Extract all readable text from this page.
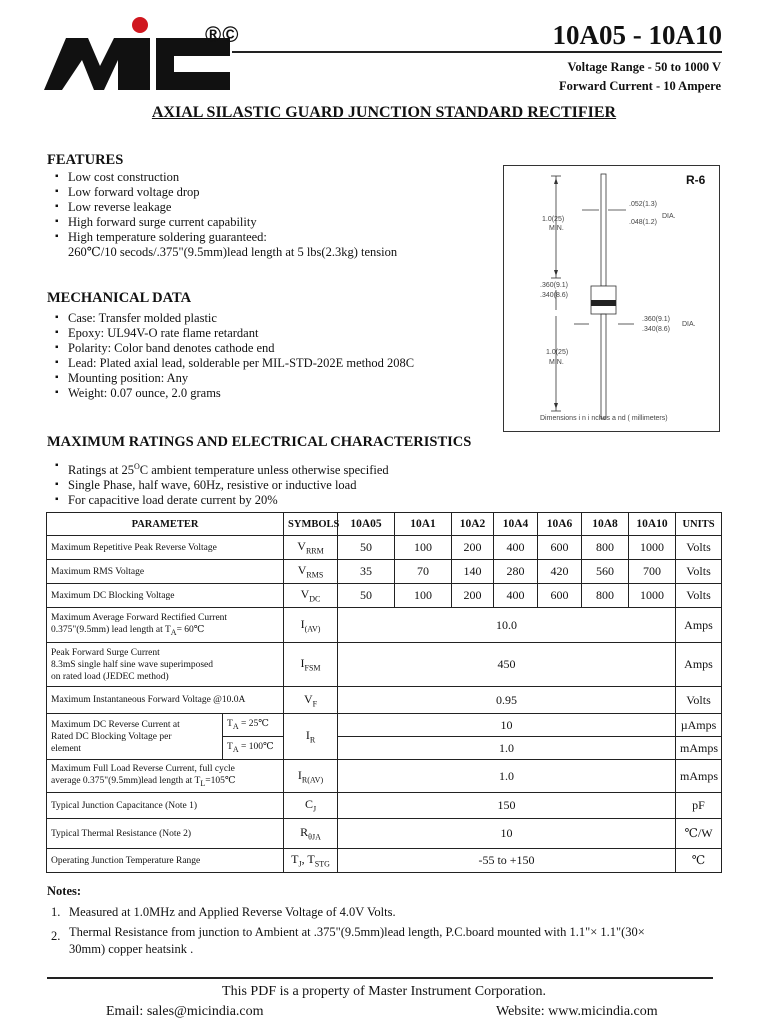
®©	10A05 - 10A10
Voltage Range - 50 to 1000 V
Forward Current - 10 Ampere
AXIAL SILASTIC GUARD JUNCTION STANDARD RECTIFIER
FEATURES
▪ Low cost construction
▪ Low forward voltage drop
▪ Low reverse leakage
▪ High forward surge current capability
▪ High temperature soldering guaranteed:
260℃/10 secods/.375"(9.5mm)lead length at 5 lbs(2.3kg) tension
MECHANICAL DATA
▪ Case: Transfer molded plastic
▪ Epoxy: UL94V-O rate flame retardant
▪ Polarity: Color band denotes cathode end
▪ Lead: Plated axial lead, solderable per MIL-STD-202E method 208C
▪ Mounting position: Any
▪ Weight: 0.07 ounce, 2.0 grams
1.0(25)
MIN.
.052(1.3)
.048(1.2)
DIA.
.360(9.1)
.340(8.6)
.360(9.1)
.340(8.6)
DIA.
1.0(25)
MIN.
Dimensions i n i nches a nd ( millimeters)
R-6
MAXIMUM RATINGS AND ELECTRICAL CHARACTERISTICS
▪ Ratings at $25^OC$ ambient temperature unless otherwise specified
▪ Single Phase, half wave, 60Hz, resistive or inductive load
▪ For capacitive load derate current by 20%
PARAMETER		SYMBOLS	10A05	10A1	10A2	10A4	10A6	10A8	10A10	UNITS
Maximum Repetitive Peak Reverse Voltage		$V_{RRM}$	50	100	200	400	600	800	1000	Volts
Maximum RMS Voltage		$V_{RMS}$	35	70	140	280	420	560	700	Volts
Maximum DC Blocking Voltage		$V_{DC}$	50	100	200	400	600	800	1000	Volts
Maximum Average Forward Rectified Current
0.375"(9.5mm) lead length at $T_A=$ 60℃		$I_{(AV)}$	10.0							Amps
Peak Forward Surge Current
8.3mS single half sine wave superimposed
on rated load (JEDEC method)		$I_{FSM}$	450							Amps
Maximum Instantaneous Forward Voltage @10.0A		$V_F$	0.95							Volts
Maximum DC Reverse Current at
Rated DC Blocking Voltage per
element	$T_A$ = 25℃	$I_R$	10							µAmps
	$T_A$ = 100℃		1.0							mAmps
Maximum Full Load Reverse Current, full cycle
average 0.375"(9.5mm)lead length at $T_L=105℃$		$I_{R(AV)}$	1.0							mAmps
Typical Junction Capacitance (Note 1)		$C_J$	150							pF
Typical Thermal Resistance (Note 2)		$R_{\theta JA}$	10							℃/W
Operating Junction Temperature Range		$T_J$, $T_{STG}$	-55 to +150							℃
Notes:
1. Measured at 1.0MHz and Applied Reverse Voltage of 4.0V Volts.
2. Thermal Resistance from junction to Ambient at .375"(9.5mm)lead length, P.C.board mounted with 1.1"× 1.1"(30×
30mm) copper heatsink .
This PDF is a property of Master Instrument Corporation.
Email: sales@micindia.com	Website: www.micindia.com
